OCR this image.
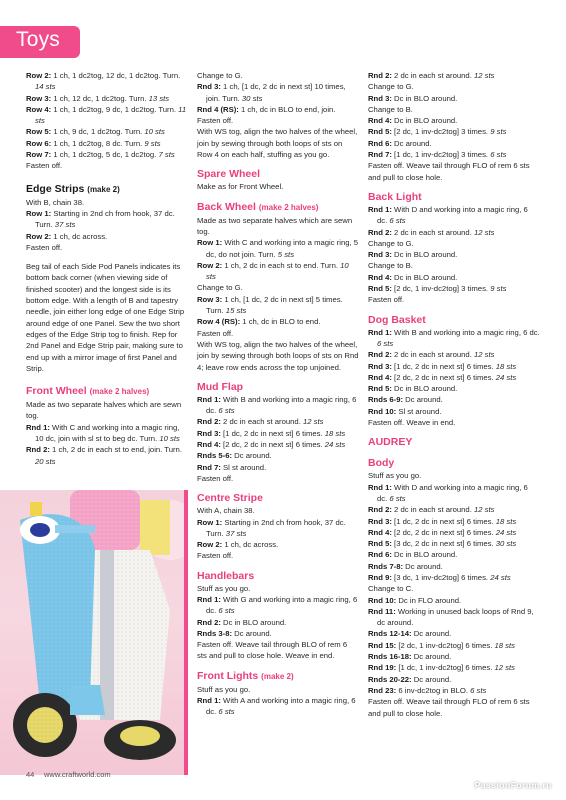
Toys
Row 2: 1 ch, 1 dc2tog, 12 dc, 1 dc2tog. Turn. 14 sts
Row 3: 1 ch, 12 dc, 1 dc2tog. Turn. 13 sts
Row 4: 1 ch, 1 dc2tog, 9 dc, 1 dc2tog. Turn. 11 sts
Row 5: 1 ch, 9 dc, 1 dc2tog. Turn. 10 sts
Row 6: 1 ch, 1 dc2tog, 8 dc. Turn. 9 sts
Row 7: 1 ch, 1 dc2tog, 5 dc, 1 dc2tog. 7 sts
Fasten off.
Edge Strips (make 2)
With B, chain 38.
Row 1: Starting in 2nd ch from hook, 37 dc. Turn. 37 sts
Row 2: 1 ch, dc across.
Fasten off.
Beg tail of each Side Pod Panels indicates its bottom back corner (when viewing side of finished scooter) and the longest side is its bottom edge. With a length of B and tapestry needle, join either long edge of one Edge Strip around edge of one Panel. Sew the two short edges of the Edge Strip tog to finish. Rep for 2nd Panel and Edge Strip pair, making sure to end up with a mirror image of first Panel and Strip.
Front Wheel (make 2 halves)
Made as two separate halves which are sewn tog.
Rnd 1: With C and working into a magic ring, 10 dc, join with sl st to beg dc. Turn. 10 sts
Rnd 2: 1 ch, 2 dc in each st to end, join. Turn. 20 sts
Change to G.
Rnd 3: 1 ch, [1 dc, 2 dc in next st] 10 times, join. Turn. 30 sts
Rnd 4 (RS): 1 ch, dc in BLO to end, join.
Fasten off.
With WS tog, align the two halves of the wheel, join by sewing through both loops of sts on Row 4 on each half, stuffing as you go.
Spare Wheel
Make as for Front Wheel.
Back Wheel (make 2 halves)
Made as two separate halves which are sewn tog.
Row 1: With C and working into a magic ring, 5 dc, do not join. Turn. 5 sts
Row 2: 1 ch, 2 dc in each st to end. Turn. 10 sts
Change to G.
Row 3: 1 ch, [1 dc, 2 dc in next st] 5 times. Turn. 15 sts
Row 4 (RS): 1 ch, dc in BLO to end.
Fasten off.
With WS tog, align the two halves of the wheel, join by sewing through both loops of sts on Rnd 4; leave row ends across the top unjoined.
Mud Flap
Rnd 1: With B and working into a magic ring, 6 dc. 6 sts
Rnd 2: 2 dc in each st around. 12 sts
Rnd 3: [1 dc, 2 dc in next st] 6 times. 18 sts
Rnd 4: [2 dc, 2 dc in next st] 6 times. 24 sts
Rnds 5-6: Dc around.
Rnd 7: Sl st around.
Fasten off.
Centre Stripe
With A, chain 38.
Row 1: Starting in 2nd ch from hook, 37 dc. Turn. 37 sts
Row 2: 1 ch, dc across.
Fasten off.
Handlebars
Stuff as you go.
Rnd 1: With G and working into a magic ring, 6 dc. 6 sts
Rnd 2: Dc in BLO around.
Rnds 3-8: Dc around.
Fasten off. Weave tail through BLO of rem 6 sts and pull to close hole. Weave in end.
Front Lights (make 2)
Stuff as you go.
Rnd 1: With A and working into a magic ring, 6 dc. 6 sts
Rnd 2: 2 dc in each st around. 12 sts
Change to G.
Rnd 3: Dc in BLO around.
Change to B.
Rnd 4: Dc in BLO around.
Rnd 5: [2 dc, 1 inv-dc2tog] 3 times. 9 sts
Rnd 6: Dc around.
Rnd 7: [1 dc, 1 inv-dc2tog] 3 times. 6 sts
Fasten off. Weave tail through FLO of rem 6 sts and pull to close hole.
Back Light
Rnd 1: With D and working into a magic ring, 6 dc. 6 sts
Rnd 2: 2 dc in each st around. 12 sts
Change to G.
Rnd 3: Dc in BLO around.
Change to B.
Rnd 4: Dc in BLO around.
Rnd 5: [2 dc, 1 inv-dc2tog] 3 times. 9 sts
Fasten off.
Dog Basket
Rnd 1: With B and working into a magic ring, 6 dc. 6 sts
Rnd 2: 2 dc in each st around. 12 sts
Rnd 3: [1 dc, 2 dc in next st] 6 times. 18 sts
Rnd 4: [2 dc, 2 dc in next st] 6 times. 24 sts
Rnd 5: Dc in BLO around.
Rnds 6-9: Dc around.
Rnd 10: Sl st around.
Fasten off. Weave in end.
AUDREY
Body
Stuff as you go.
Rnd 1: With D and working into a magic ring, 6 dc. 6 sts
Rnd 2: 2 dc in each st around. 12 sts
Rnd 3: [1 dc, 2 dc in next st] 6 times. 18 sts
Rnd 4: [2 dc, 2 dc in next st] 6 times. 24 sts
Rnd 5: [3 dc, 2 dc in next st] 6 times. 30 sts
Rnd 6: Dc in BLO around.
Rnds 7-8: Dc around.
Rnd 9: [3 dc, 1 inv-dc2tog] 6 times. 24 sts
Change to C.
Rnd 10: Dc in FLO around.
Rnd 11: Working in unused back loops of Rnd 9, dc around.
Rnds 12-14: Dc around.
Rnd 15: [2 dc, 1 inv-dc2tog] 6 times. 18 sts
Rnds 16-18: Dc around.
Rnd 19: [1 dc, 1 inv-dc2tog] 6 times. 12 sts
Rnds 20-22: Dc around.
Rnd 23: 6 inv-dc2tog in BLO. 6 sts
Fasten off. Weave tail through FLO of rem 6 sts and pull to close hole.
44 www.craftworld.com
PassionForum.ru
